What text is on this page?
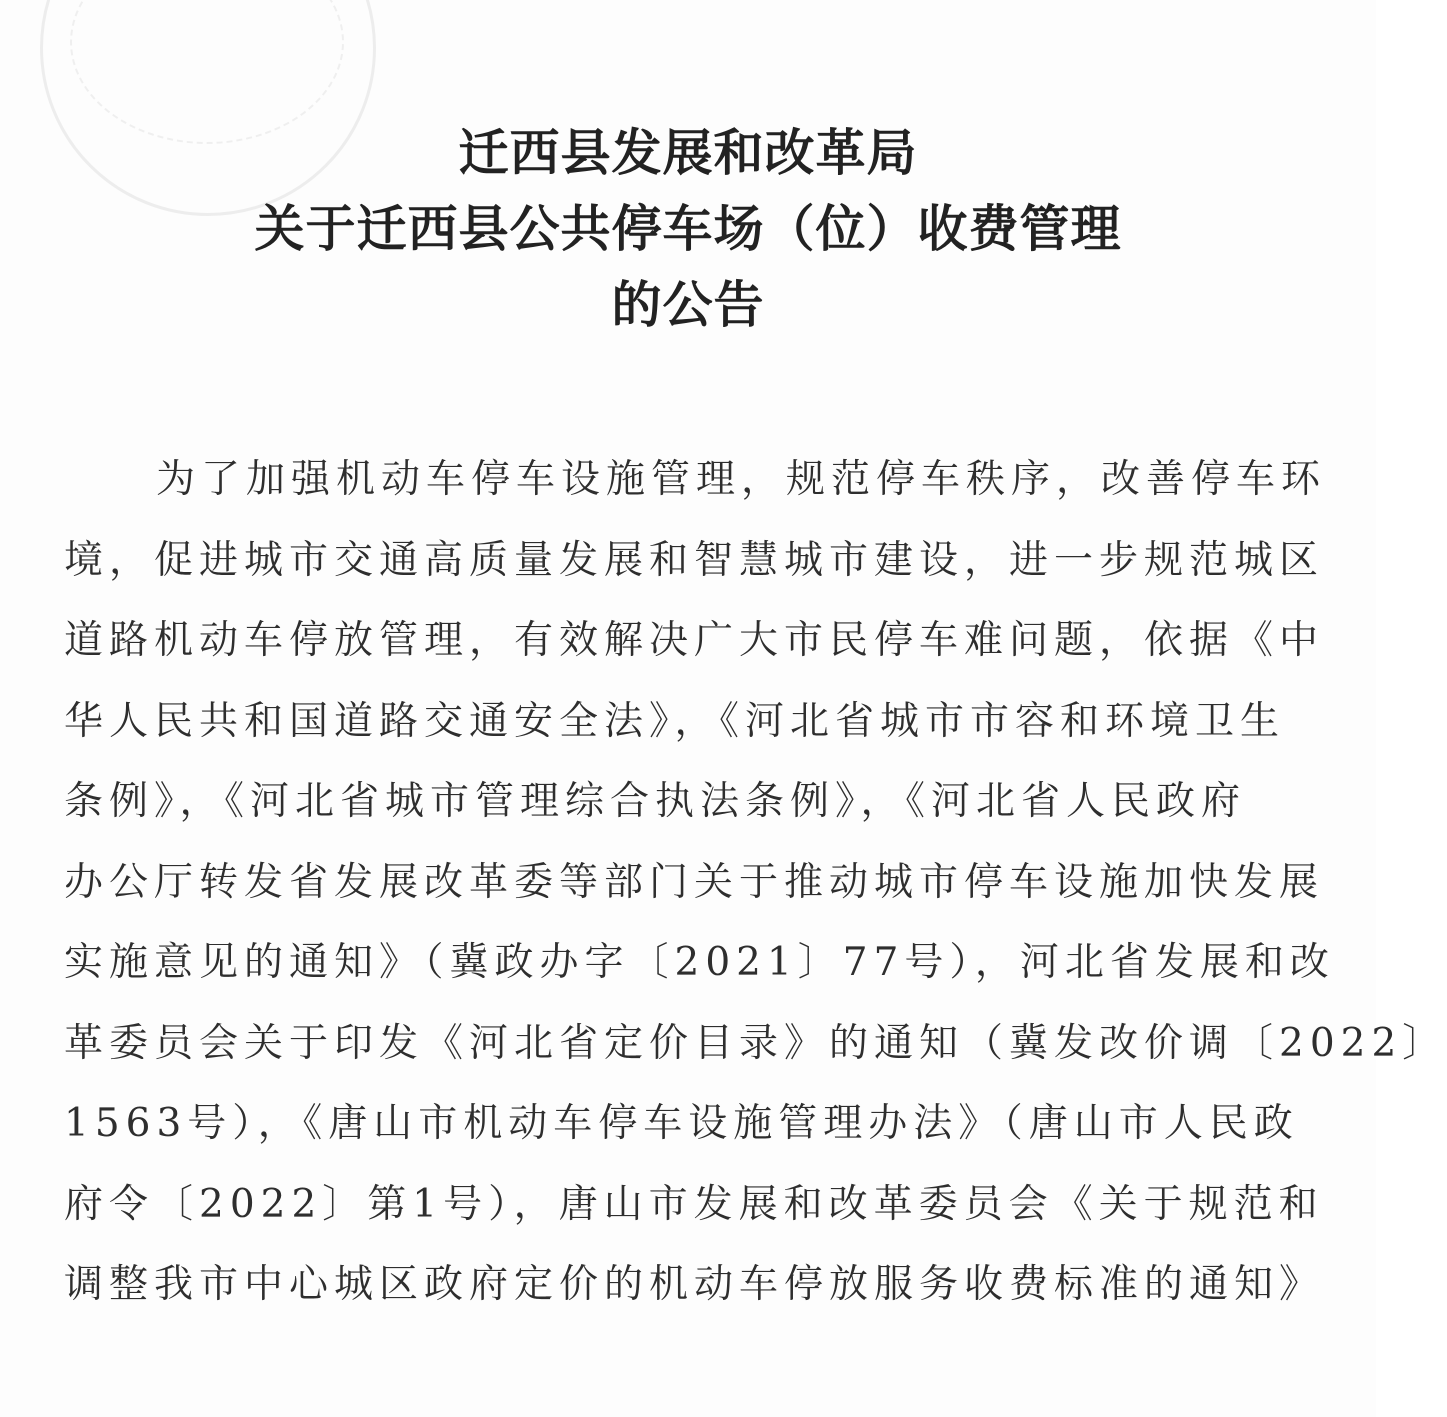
迁西县发展和改革局
关于迁西县公共停车场（位）收费管理
的公告
为了加强机动车停车设施管理，规范停车秩序，改善停车环
境，促进城市交通高质量发展和智慧城市建设，进一步规范城区
道路机动车停放管理，有效解决广大市民停车难问题，依据《中
华人民共和国道路交通安全法》，《河北省城市市容和环境卫生
条例》，《河北省城市管理综合执法条例》，《河北省人民政府
办公厅转发省发展改革委等部门关于推动城市停车设施加快发展
实施意见的通知》（冀政办字〔2021〕77号），河北省发展和改
革委员会关于印发《河北省定价目录》的通知（冀发改价调〔2022〕
1563号），《唐山市机动车停车设施管理办法》（唐山市人民政
府令〔2022〕第1号），唐山市发展和改革委员会《关于规范和
调整我市中心城区政府定价的机动车停放服务收费标准的通知》
